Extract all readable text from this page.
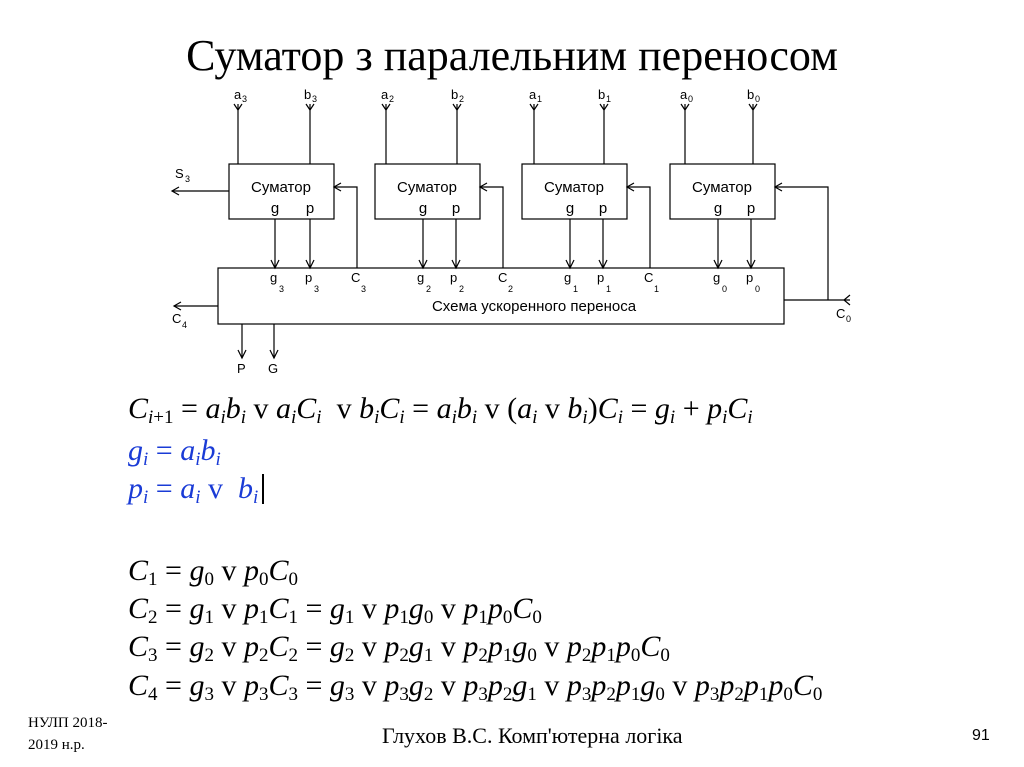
Суматор з паралельним переносом
Суматор
g p
Суматор
g p
Суматор
g p
Суматор
g p
a 3	b 3	a 2	b 2	a 1	b 1	a 0	b 0
S 3
Схема ускоренного переноса
g
3
p
3
C
3
g
2
p
2
C
2
g
1
p
1
C
1
g
0
p
0
C 4
C 0
P G
$C_{i+1} = a_ib_i$ v $a_iC_i$  v $b_iC_i = a_ib_i$ v ($a_i$ v $b_i)C_i = g_i + p_iC_i$
$g_i = a_ib_i$
$p_i = a_i$ v  $b_i$
$C_1 = g_0$ v $p_0C_0$
$C_2 = g_1$ v $p_1C_1 = g_1$ v $p_1g_0$ v $p_1p_0C_0$
$C_3 = g_2$ v $p_2C_2 = g_2$ v $p_2g_1$ v $p_2p_1g_0$ v $p_2p_1p_0C_0$
$C_4 = g_3$ v $p_3C_3 = g_3$ v $p_3g_2$ v $p_3p_2g_1$ v $p_3p_2p_1g_0$ v $p_3p_2p_1p_0C_0$
НУЛП 2018-
2019 н.р.	Глухов В.С. Комп'ютерна логіка	91
